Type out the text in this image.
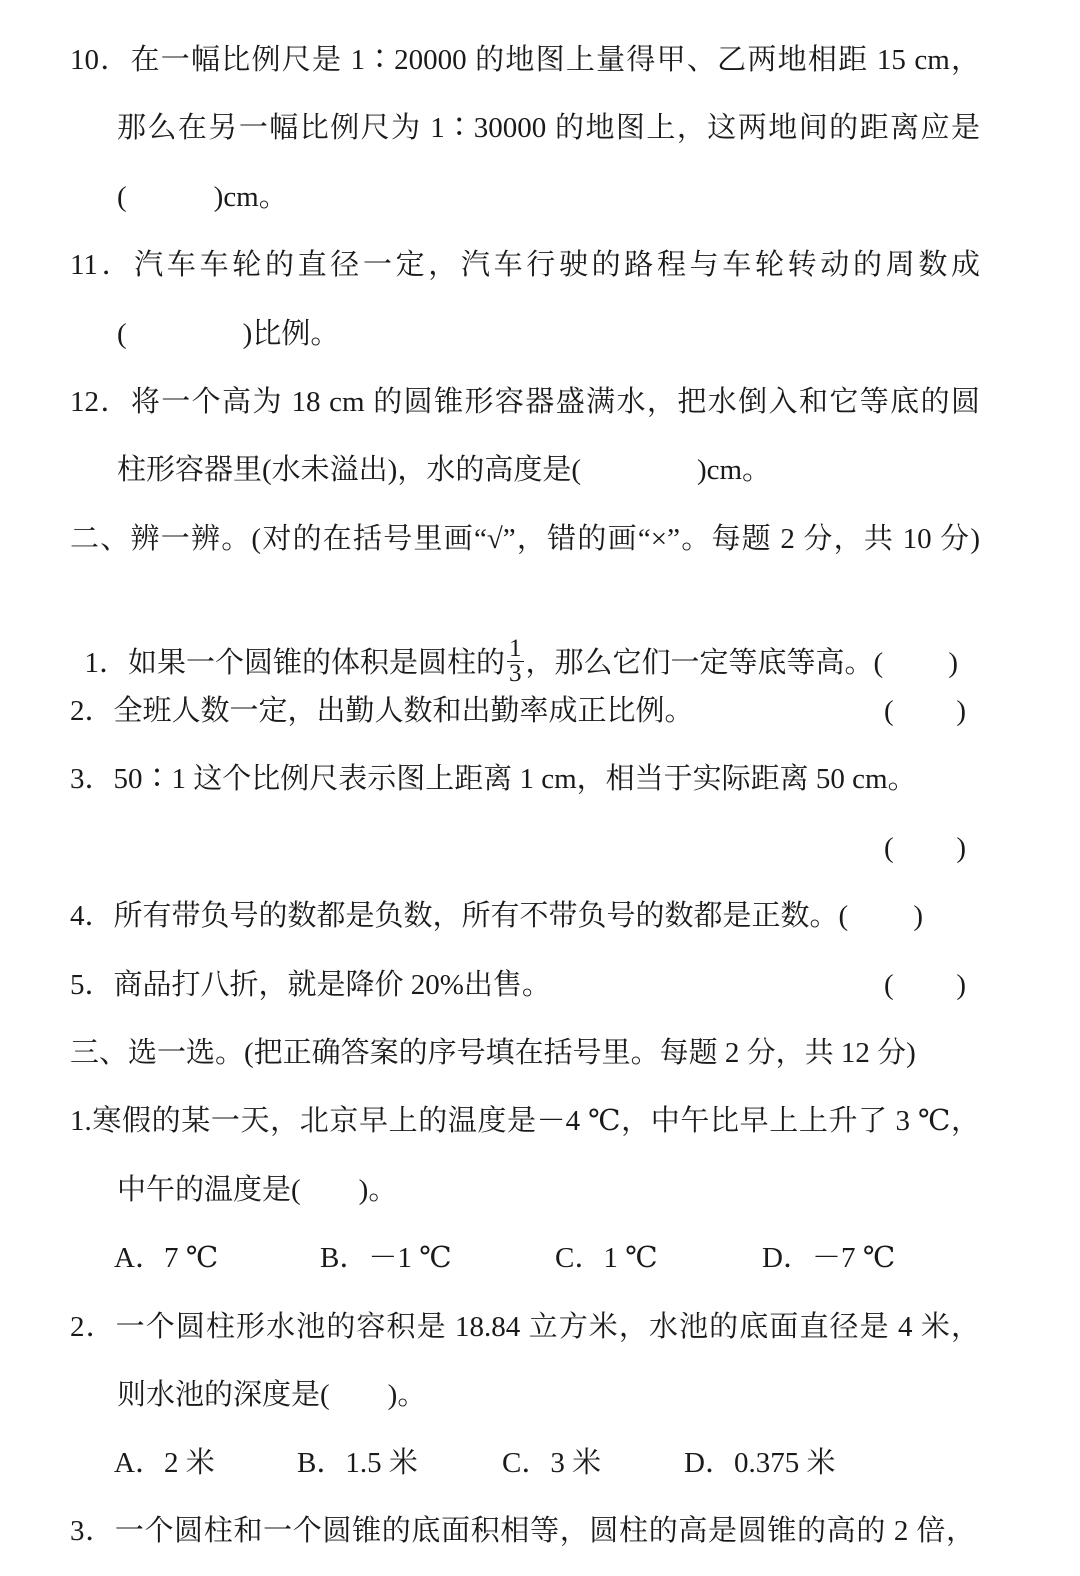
10．在一幅比例尺是 1∶20000 的地图上量得甲、乙两地相距 15 cm，
那么在另一幅比例尺为 1∶30000 的地图上，这两地间的距离应是
(　　　)cm。
11．汽车车轮的直径一定，汽车行驶的路程与车轮转动的周数成
(　　　　)比例。
12．将一个高为 18 cm 的圆锥形容器盛满水，把水倒入和它等底的圆
柱形容器里(水未溢出)，水的高度是(　　　　)cm。
二、辨一辨。(对的在括号里画“√”，错的画“×”。每题 2 分，共 10 分)

1．如果一个圆锥的体积是圆柱的 $\frac{1}{3}$ ，那么它们一定等底等高。(　　 )

2．全班人数一定，出勤人数和出勤率成正比例。	( )
3．50∶1 这个比例尺表示图上距离 1 cm，相当于实际距离 50 cm。
( )
4．所有带负号的数都是负数，所有不带负号的数都是正数。(　　 )
5．商品打八折，就是降价 20%出售。	( )
三、选一选。(把正确答案的序号填在括号里。每题 2 分，共 12 分)
1.寒假的某一天，北京早上的温度是－4 ℃，中午比早上上升了 3 ℃，
中午的温度是(　　)。
A．7 ℃	B．－1 ℃	C．1 ℃	D．－7 ℃
2．一个圆柱形水池的容积是 18.84 立方米，水池的底面直径是 4 米，
则水池的深度是(　　)。
A．2 米	B．1.5 米	C．3 米	D．0.375 米
3．一个圆柱和一个圆锥的底面积相等，圆柱的高是圆锥的高的 2 倍，
